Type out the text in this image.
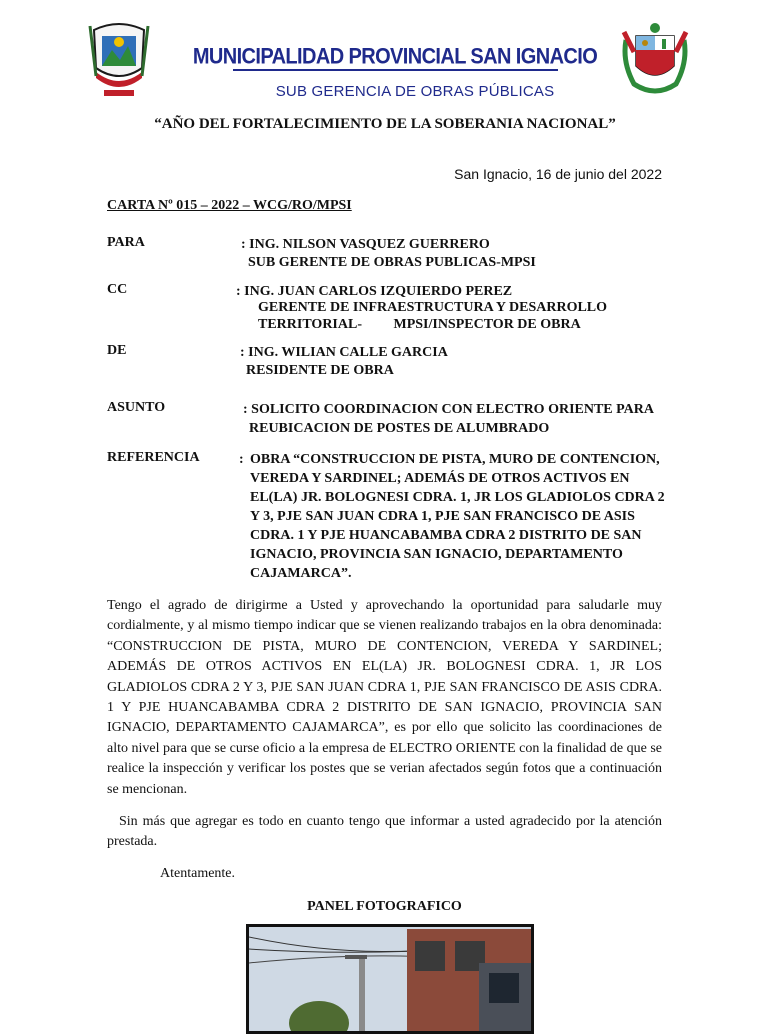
MUNICIPALIDAD PROVINCIAL SAN IGNACIO
SUB GERENCIA DE OBRAS PÚBLICAS
“AÑO DEL FORTALECIMIENTO DE LA SOBERANIA NACIONAL”
San Ignacio, 16 de junio del 2022
CARTA Nº 015 – 2022 – WCG/RO/MPSI
PARA	: ING. NILSON VASQUEZ GUERRERO
SUB GERENTE DE OBRAS PUBLICAS-MPSI
CC	: ING. JUAN CARLOS IZQUIERDO PEREZ
GERENTE DE INFRAESTRUCTURA Y DESARROLLO
TERRITORIAL-         MPSI/INSPECTOR DE OBRA
DE	: ING. WILIAN CALLE GARCIA
RESIDENTE DE OBRA
ASUNTO	: SOLICITO COORDINACION CON ELECTRO ORIENTE PARA
REUBICACION DE POSTES DE ALUMBRADO
REFERENCIA	: OBRA “CONSTRUCCION DE PISTA, MURO DE CONTENCION,
VEREDA Y SARDINEL; ADEMÁS DE OTROS ACTIVOS EN
EL(LA) JR. BOLOGNESI CDRA. 1, JR LOS GLADIOLOS CDRA 2
Y 3, PJE SAN JUAN CDRA 1, PJE SAN FRANCISCO DE ASIS
CDRA. 1 Y PJE HUANCABAMBA CDRA 2 DISTRITO DE SAN
IGNACIO, PROVINCIA SAN IGNACIO, DEPARTAMENTO
CAJAMARCA”.
Tengo el agrado de dirigirme a Usted y aprovechando la oportunidad para saludarle muy cordialmente, y al mismo tiempo indicar que se vienen realizando trabajos en la obra denominada: “CONSTRUCCION DE PISTA, MURO DE CONTENCION, VEREDA Y SARDINEL; ADEMÁS DE OTROS ACTIVOS EN EL(LA) JR. BOLOGNESI CDRA. 1, JR LOS GLADIOLOS CDRA 2 Y 3, PJE SAN JUAN CDRA 1, PJE SAN FRANCISCO DE ASIS CDRA. 1 Y PJE HUANCABAMBA CDRA 2 DISTRITO DE SAN IGNACIO, PROVINCIA SAN IGNACIO, DEPARTAMENTO CAJAMARCA”, es por ello que solicito las coordinaciones de alto nivel para que se curse oficio a la empresa de ELECTRO ORIENTE con la finalidad de que se realice la inspección y verificar los postes que se verian afectados según fotos que a continuación se mencionan.
Sin más que agregar es todo en cuanto tengo que informar a usted agradecido por la atención prestada.
Atentamente.
PANEL FOTOGRAFICO
